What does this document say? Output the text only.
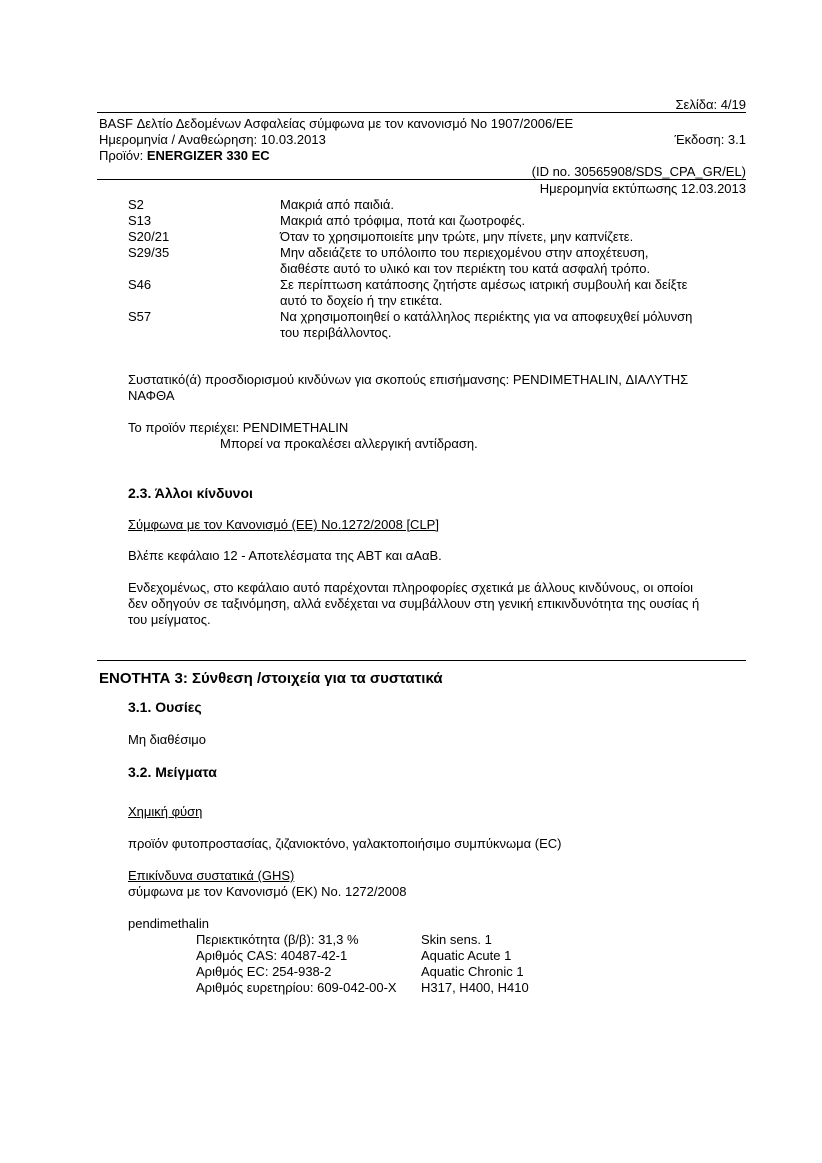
Σελίδα: 4/19
BASF Δελτίο Δεδομένων Ασφαλείας σύμφωνα με τον κανονισμό No 1907/2006/ΕΕ
Ημερομηνία / Αναθεώρηση: 10.03.2013	Έκδοση: 3.1
Προϊόν: ENERGIZER 330 EC
(ID no. 30565908/SDS_CPA_GR/EL)
Ημερομηνία εκτύπωσης 12.03.2013
S2	Μακριά από παιδιά.
S13	Μακριά από τρόφιμα, ποτά και ζωοτροφές.
S20/21	Όταν το χρησιμοποιείτε μην τρώτε, μην πίνετε, μην καπνίζετε.
S29/35	Μην αδειάζετε το υπόλοιπο του περιεχομένου στην αποχέτευση,
διαθέστε αυτό το υλικό και τον περιέκτη του κατά ασφαλή τρόπο.
S46	Σε περίπτωση κατάποσης ζητήστε αμέσως ιατρική συμβουλή και δείξτε
αυτό το δοχείο ή την ετικέτα.
S57	Να χρησιμοποιηθεί ο κατάλληλος περιέκτης για να αποφευχθεί μόλυνση
του περιβάλλοντος.
Συστατικό(ά) προσδιορισμού κινδύνων για σκοπούς επισήμανσης: PENDIMETHALIN, ΔΙΑΛΥΤΗΣ
ΝΑΦΘΑ
Το προϊόν περιέχει: PENDIMETHALIN
Μπορεί να προκαλέσει αλλεργική αντίδραση.
2.3. Άλλοι κίνδυνοι
Σύμφωνα με τον Κανονισμό (ΕΕ) No.1272/2008 [CLP]
Βλέπε κεφάλαιο 12 - Αποτελέσματα της ΑΒΤ και αΑαΒ.
Ενδεχομένως, στο κεφάλαιο αυτό παρέχονται πληροφορίες σχετικά με άλλους κινδύνους, οι οποίοι
δεν οδηγούν σε ταξινόμηση, αλλά ενδέχεται να συμβάλλουν στη γενική επικινδυνότητα της ουσίας ή
του μείγματος.
ΕΝΟΤΗΤΑ 3: Σύνθεση /στοιχεία για τα συστατικά
3.1. Ουσίες
Μη διαθέσιμο
3.2. Μείγματα
Χημική φύση
προϊόν φυτοπροστασίας, ζιζανιοκτόνο, γαλακτοποιήσιμο συμπύκνωμα (EC)
Επικίνδυνα συστατικά (GHS)
σύμφωνα με τον Κανονισμό (ΕΚ) No. 1272/2008
pendimethalin
Περιεκτικότητα (β/β): 31,3 %	Skin sens. 1
Αριθμός CAS: 40487-42-1	Aquatic Acute 1
Αριθμός EC: 254-938-2	Aquatic Chronic 1
Αριθμός ευρετηρίου: 609-042-00-X H317, H400, H410
